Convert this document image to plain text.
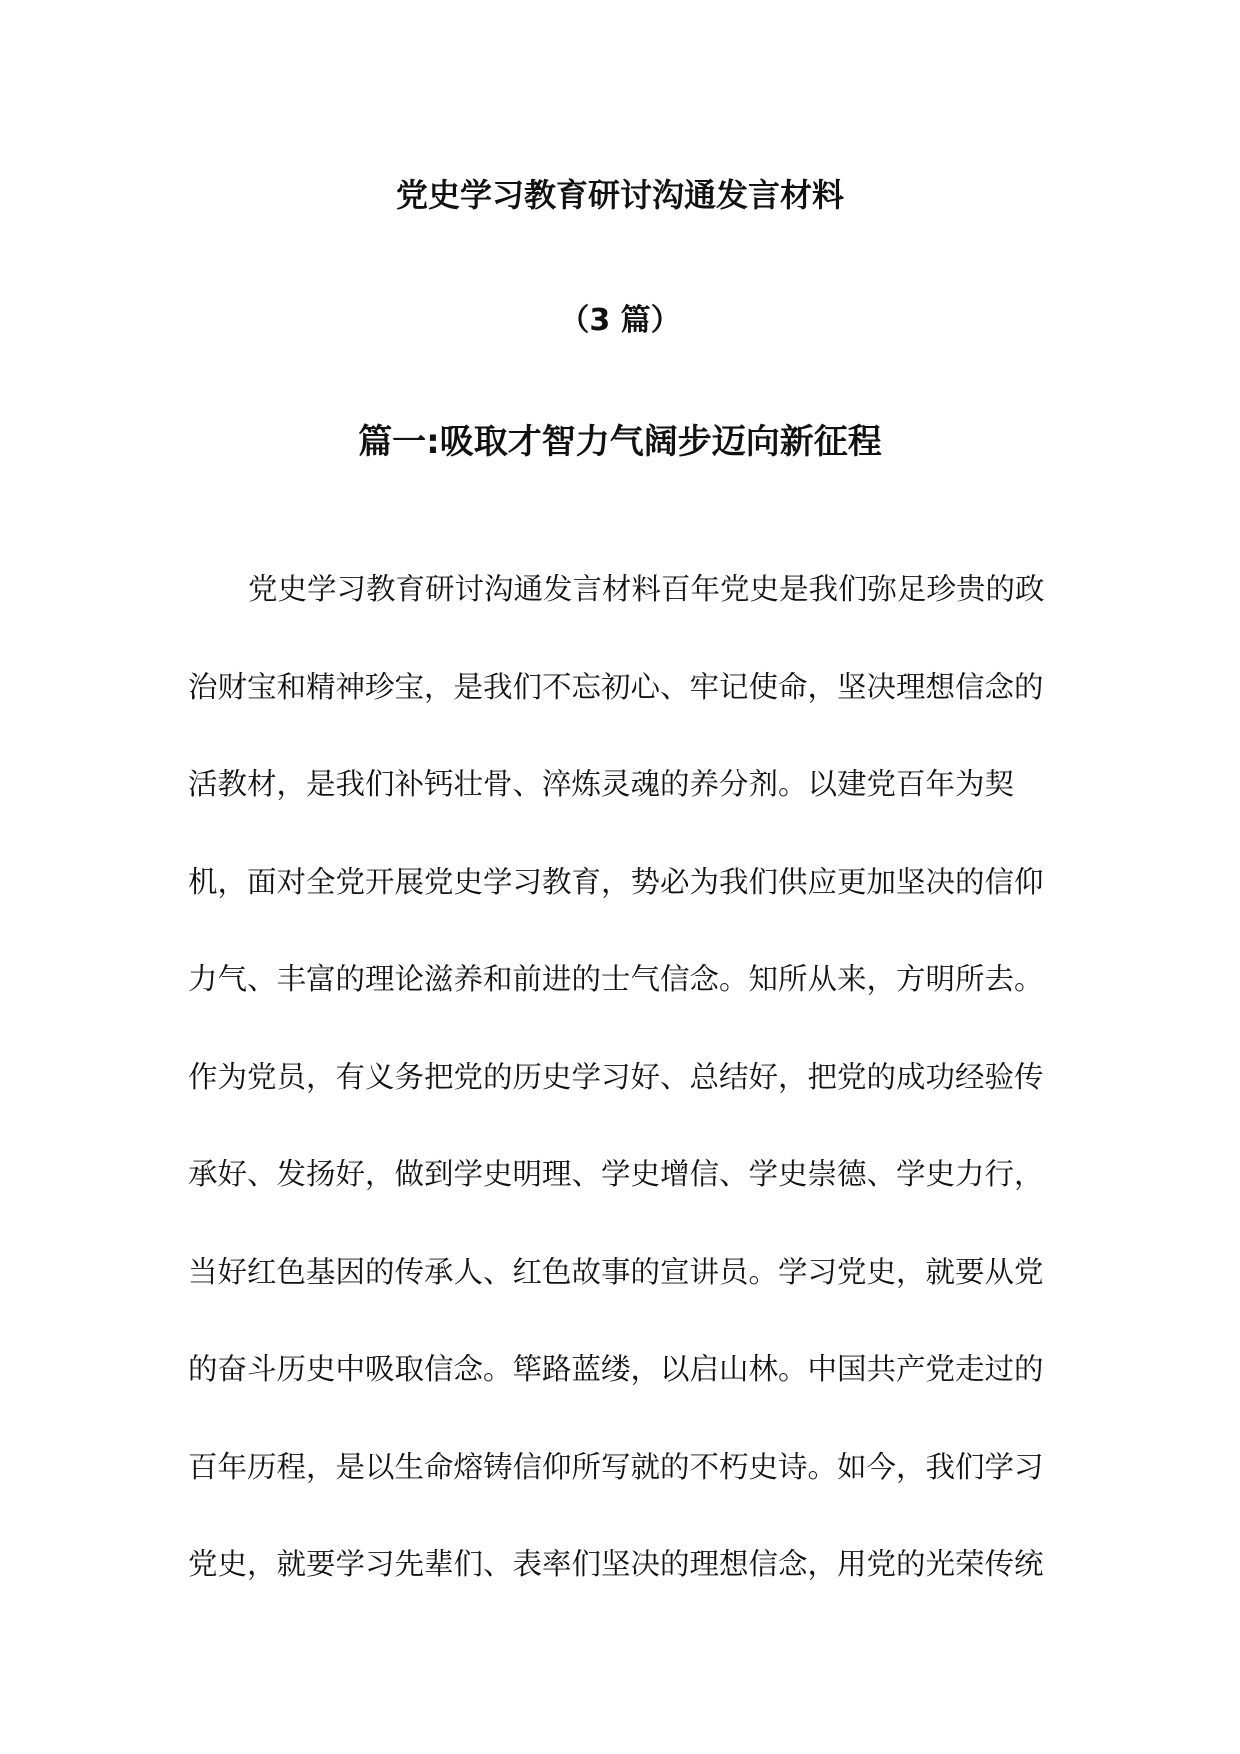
党史学习教育研讨沟通发言材料
（3 篇）
篇一:吸取才智力气阔步迈向新征程
党史学习教育研讨沟通发言材料百年党史是我们弥足珍贵的政
治财宝和精神珍宝，是我们不忘初心、牢记使命，坚决理想信念的
活教材，是我们补钙壮骨、淬炼灵魂的养分剂。以建党百年为契
机，面对全党开展党史学习教育，势必为我们供应更加坚决的信仰
力气、丰富的理论滋养和前进的士气信念。知所从来，方明所去。
作为党员，有义务把党的历史学习好、总结好，把党的成功经验传
承好、发扬好，做到学史明理、学史增信、学史崇德、学史力行，
当好红色基因的传承人、红色故事的宣讲员。学习党史，就要从党
的奋斗历史中吸取信念。筚路蓝缕，以启山林。中国共产党走过的
百年历程，是以生命熔铸信仰所写就的不朽史诗。如今，我们学习
党史，就要学习先辈们、表率们坚决的理想信念，用党的光荣传统
